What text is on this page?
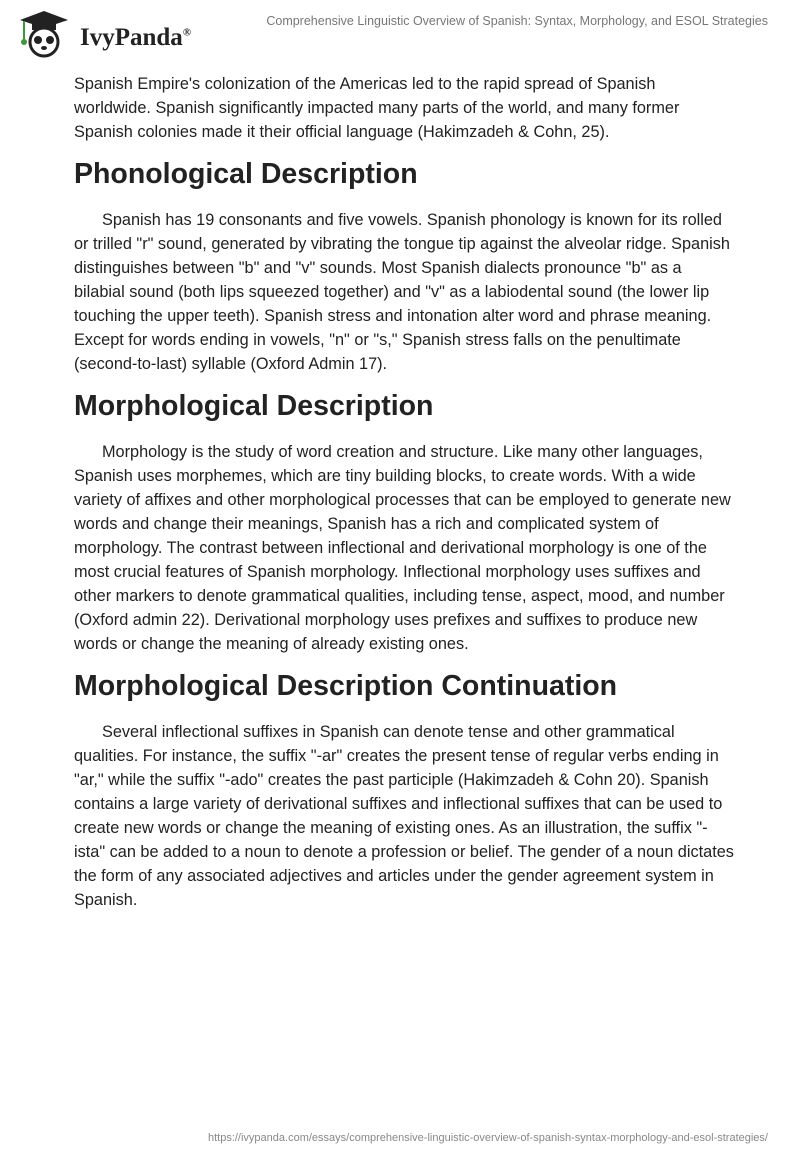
IvyPanda®
Comprehensive Linguistic Overview of Spanish: Syntax, Morphology, and ESOL Strategies

Spanish Empire's colonization of the Americas led to the rapid spread of Spanish worldwide. Spanish significantly impacted many parts of the world, and many former Spanish colonies made it their official language (Hakimzadeh & Cohn, 25).

Phonological Description

Spanish has 19 consonants and five vowels. Spanish phonology is known for its rolled or trilled "r" sound, generated by vibrating the tongue tip against the alveolar ridge. Spanish distinguishes between "b" and "v" sounds. Most Spanish dialects pronounce "b" as a bilabial sound (both lips squeezed together) and "v" as a labiodental sound (the lower lip touching the upper teeth). Spanish stress and intonation alter word and phrase meaning. Except for words ending in vowels, "n" or "s," Spanish stress falls on the penultimate (second-to-last) syllable (Oxford Admin 17).

Morphological Description

Morphology is the study of word creation and structure. Like many other languages, Spanish uses morphemes, which are tiny building blocks, to create words. With a wide variety of affixes and other morphological processes that can be employed to generate new words and change their meanings, Spanish has a rich and complicated system of morphology. The contrast between inflectional and derivational morphology is one of the most crucial features of Spanish morphology. Inflectional morphology uses suffixes and other markers to denote grammatical qualities, including tense, aspect, mood, and number (Oxford admin 22). Derivational morphology uses prefixes and suffixes to produce new words or change the meaning of already existing ones.

Morphological Description Continuation

Several inflectional suffixes in Spanish can denote tense and other grammatical qualities. For instance, the suffix "-ar" creates the present tense of regular verbs ending in "ar," while the suffix "-ado" creates the past participle (Hakimzadeh & Cohn 20). Spanish contains a large variety of derivational suffixes and inflectional suffixes that can be used to create new words or change the meaning of existing ones. As an illustration, the suffix "-ista" can be added to a noun to denote a profession or belief. The gender of a noun dictates the form of any associated adjectives and articles under the gender agreement system in Spanish.

https://ivypanda.com/essays/comprehensive-linguistic-overview-of-spanish-syntax-morphology-and-esol-strategies/
